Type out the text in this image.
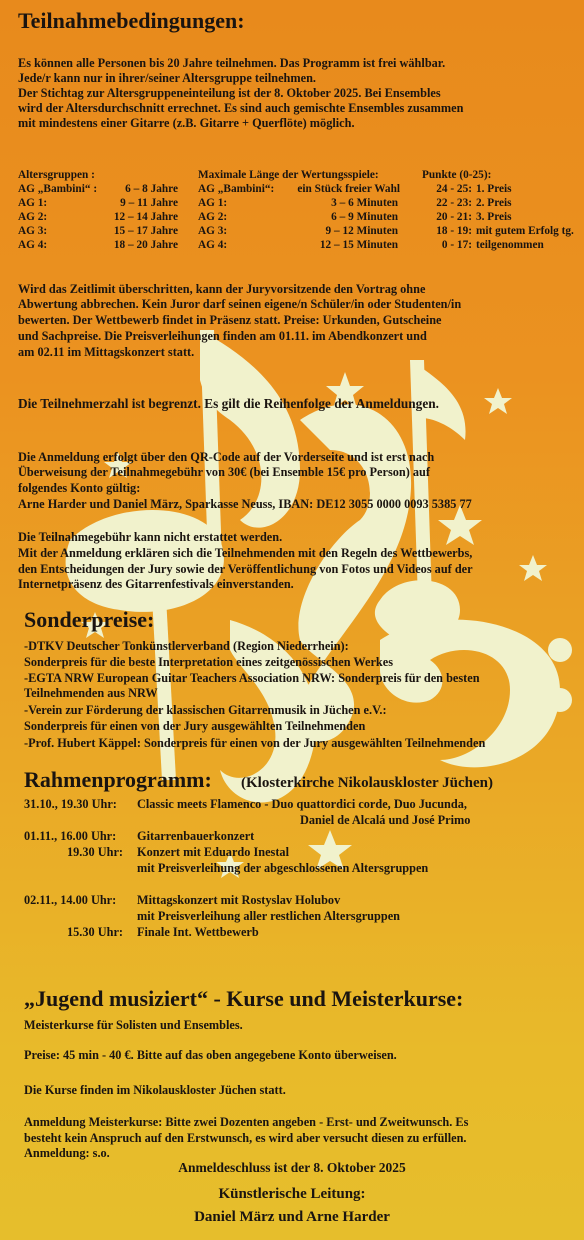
Teilnahmebedingungen:
Es können alle Personen bis 20 Jahre teilnehmen. Das Programm ist frei wählbar.
Jede/r kann nur in ihrer/seiner Altersgruppe teilnehmen.
Der Stichtag zur Altersgruppeneinteilung ist der 8. Oktober 2025. Bei Ensembles
wird der Altersdurchschnitt errechnet. Es sind auch gemischte Ensembles zusammen
mit mindestens einer Gitarre (z.B. Gitarre + Querflöte) möglich.
Altersgruppen :
AG „Bambini“ : 6 – 8 Jahre
AG 1:	9 – 11 Jahre
AG 2:	12 – 14 Jahre
AG 3:	15 – 17 Jahre
AG 4:	18 – 20 Jahre
Maximale Länge der Wertungsspiele:
AG „Bambini“: ein Stück freier Wahl
AG 1:	3 – 6 Minuten
AG 2:	6 – 9 Minuten
AG 3:	9 – 12 Minuten
AG 4:	12 – 15 Minuten
Punkte (0-25):
24 - 25: 1. Preis
22 - 23: 2. Preis
20 - 21: 3. Preis
18 - 19: mit gutem Erfolg tg.
0 - 17: teilgenommen
Wird das Zeitlimit überschritten, kann der Juryvorsitzende den Vortrag ohne
Abwertung abbrechen. Kein Juror darf seinen eigene/n Schüler/in oder Studenten/in
bewerten. Der Wettbewerb findet in Präsenz statt. Preise: Urkunden, Gutscheine
und Sachpreise. Die Preisverleihungen finden am 01.11. im Abendkonzert und
am 02.11 im Mittagskonzert statt.
Die Teilnehmerzahl ist begrenzt. Es gilt die Reihenfolge der Anmeldungen.
Die Anmeldung erfolgt über den QR-Code auf der Vorderseite und ist erst nach
Überweisung der Teilnahmegebühr von 30€ (bei Ensemble 15€ pro Person) auf
folgendes Konto gültig:
Arne Harder und Daniel März, Sparkasse Neuss, IBAN: DE12 3055 0000 0093 5385 77
Die Teilnahmegebühr kann nicht erstattet werden.
Mit der Anmeldung erklären sich die Teilnehmenden mit den Regeln des Wettbewerbs,
den Entscheidungen der Jury sowie der Veröffentlichung von Fotos und Videos auf der
Internetpräsenz des Gitarrenfestivals einverstanden.
Sonderpreise:
-DTKV Deutscher Tonkünstlerverband (Region Niederrhein):
Sonderpreis für die beste Interpretation eines zeitgenössischen Werkes
-EGTA NRW European Guitar Teachers Association NRW: Sonderpreis für den besten
Teilnehmenden aus NRW
-Verein zur Förderung der klassischen Gitarrenmusik in Jüchen e.V.:
Sonderpreis für einen von der Jury ausgewählten Teilnehmenden
-Prof. Hubert Käppel: Sonderpreis für einen von der Jury ausgewählten Teilnehmenden
Rahmenprogramm: (Klosterkirche Nikolauskloster Jüchen)
31.10., 19.30 Uhr: Classic meets Flamenco - Duo quattordici corde, Duo Jucunda,
Daniel de Alcalá und José Primo
01.11., 16.00 Uhr: Gitarrenbauerkonzert
19.30 Uhr: Konzert mit Eduardo Inestal
mit Preisverleihung der abgeschlossenen Altersgruppen
02.11., 14.00 Uhr: Mittagskonzert mit Rostyslav Holubov
mit Preisverleihung aller restlichen Altersgruppen
15.30 Uhr: Finale Int. Wettbewerb
„Jugend musiziert“ - Kurse und Meisterkurse:
Meisterkurse für Solisten und Ensembles.
Preise: 45 min - 40 €. Bitte auf das oben angegebene Konto überweisen.
Die Kurse finden im Nikolauskloster Jüchen statt.
Anmeldung Meisterkurse: Bitte zwei Dozenten angeben - Erst- und Zweitwunsch. Es
besteht kein Anspruch auf den Erstwunsch, es wird aber versucht diesen zu erfüllen.
Anmeldung: s.o.
Anmeldeschluss ist der 8. Oktober 2025
Künstlerische Leitung:
Daniel März und Arne Harder
